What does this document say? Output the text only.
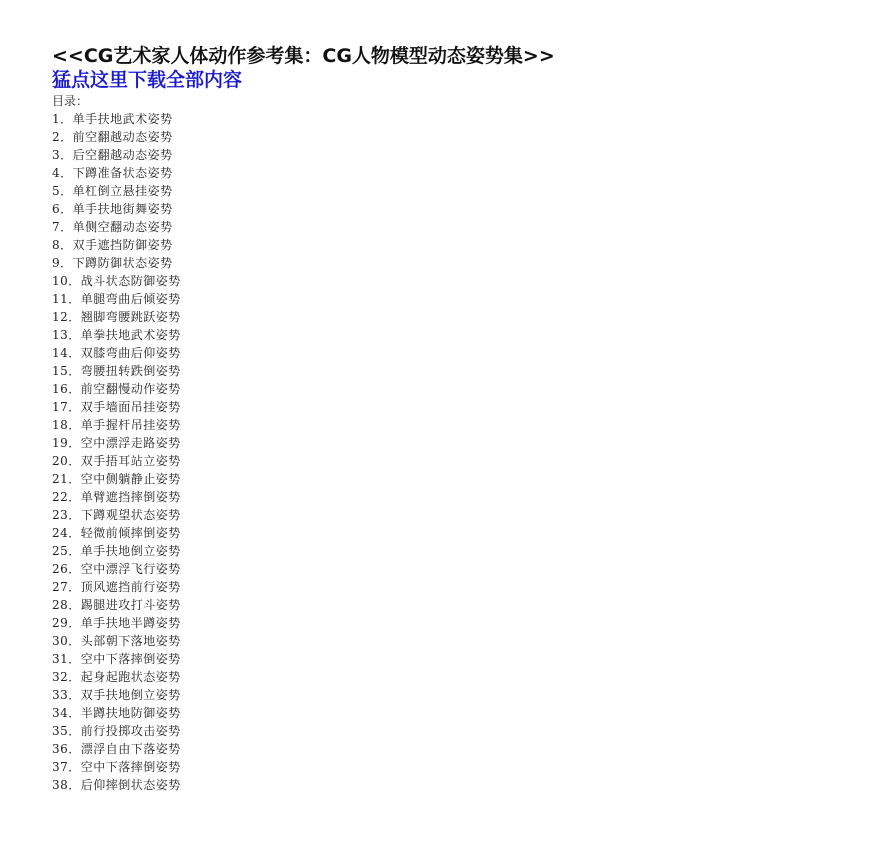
<<CG艺术家人体动作参考集：CG人物模型动态姿势集>>
猛点这里下载全部内容
目录：
1．单手扶地武术姿势
2．前空翻越动态姿势
3．后空翻越动态姿势
4．下蹲准备状态姿势
5．单杠倒立悬挂姿势
6．单手扶地街舞姿势
7．单侧空翻动态姿势
8．双手遮挡防御姿势
9．下蹲防御状态姿势
10．战斗状态防御姿势
11．单腿弯曲后倾姿势
12．翘脚弯腰跳跃姿势
13．单拳扶地武术姿势
14．双膝弯曲后仰姿势
15．弯腰扭转跌倒姿势
16．前空翻慢动作姿势
17．双手墙面吊挂姿势
18．单手握杆吊挂姿势
19．空中漂浮走路姿势
20．双手捂耳站立姿势
21．空中侧躺静止姿势
22．单臂遮挡摔倒姿势
23．下蹲观望状态姿势
24．轻微前倾摔倒姿势
25．单手扶地倒立姿势
26．空中漂浮飞行姿势
27．顶风遮挡前行姿势
28．踢腿进攻打斗姿势
29．单手扶地半蹲姿势
30．头部朝下落地姿势
31．空中下落摔倒姿势
32．起身起跑状态姿势
33．双手扶地倒立姿势
34．半蹲扶地防御姿势
35．前行投掷攻击姿势
36．漂浮自由下落姿势
37．空中下落摔倒姿势
38．后仰摔倒状态姿势
